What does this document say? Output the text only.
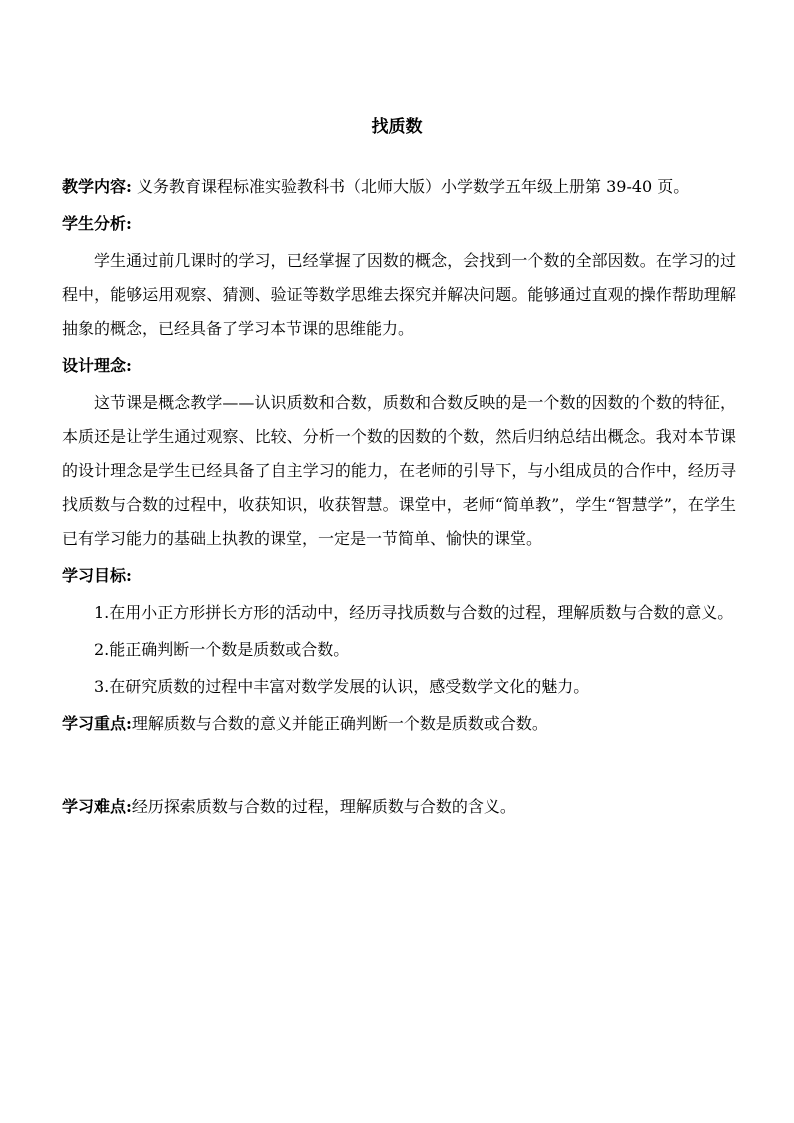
找质数

教学内容: 义务教育课程标准实验教科书（北师大版）小学数学五年级上册第 39-40 页。

学生分析:

学生通过前几课时的学习，已经掌握了因数的概念，会找到一个数的全部因数。在学习的过程中，能够运用观察、猜测、验证等数学思维去探究并解决问题。能够通过直观的操作帮助理解抽象的概念，已经具备了学习本节课的思维能力。

设计理念:

这节课是概念教学——认识质数和合数，质数和合数反映的是一个数的因数的个数的特征，本质还是让学生通过观察、比较、分析一个数的因数的个数，然后归纳总结出概念。我对本节课的设计理念是学生已经具备了自主学习的能力，在老师的引导下，与小组成员的合作中，经历寻找质数与合数的过程中，收获知识，收获智慧。课堂中，老师“简单教”，学生“智慧学”，在学生已有学习能力的基础上执教的课堂，一定是一节简单、愉快的课堂。

学习目标:

1.在用小正方形拼长方形的活动中，经历寻找质数与合数的过程，理解质数与合数的意义。

2.能正确判断一个数是质数或合数。

3.在研究质数的过程中丰富对数学发展的认识，感受数学文化的魅力。

学习重点:理解质数与合数的意义并能正确判断一个数是质数或合数。

学习难点:经历探索质数与合数的过程，理解质数与合数的含义。
